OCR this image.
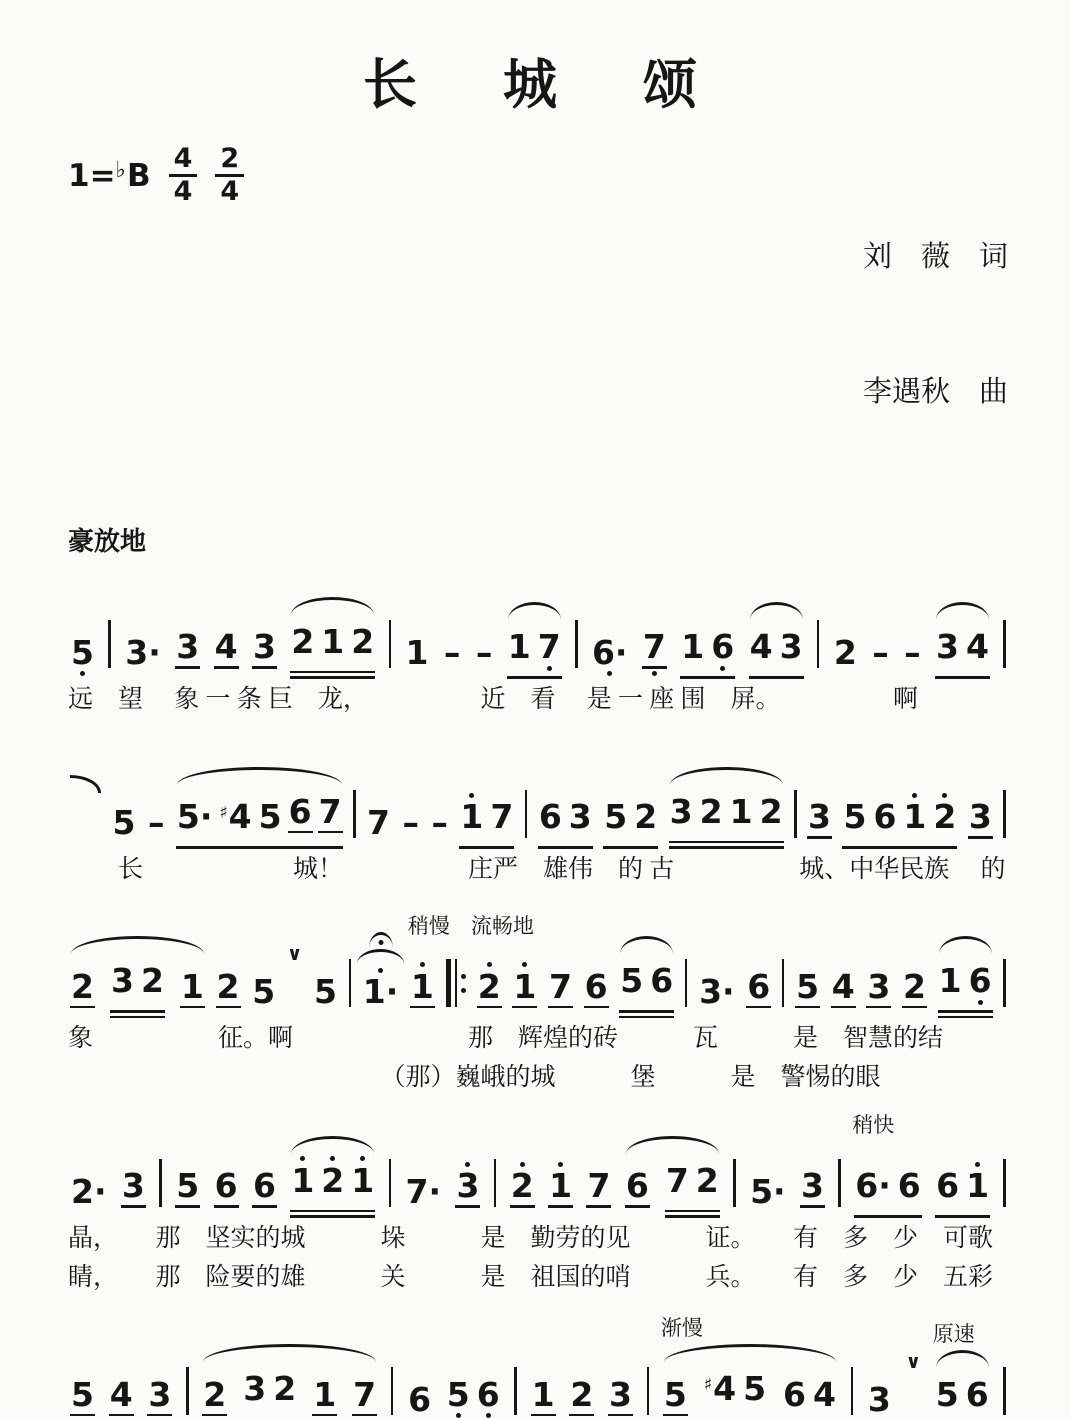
长　城　颂
$1=^♭B \frac{4}{4} \frac{2}{4}$

刘　薇　词

李遇秋　曲

豪放地
5 3· 3 4 3 2 1 2 1 – – 1 7 6· 7 1 6 4 3 2 – – 3 4
远　望　 象 一 条 巨　龙，　　　　　近　看　 是 一 座 围　屏。　　　　　啊
5 – 5· ♯4 5 6 7 7 – – 1 7 6 3 5 2 3 2 1 2 3 5 6 1 2 3
　　长　　　　　　城！　　　　　庄严　雄伟　的 古　　　　　城、中华民族　 的
2 3 2 1 2 5
∨
5 1·
稍慢　流畅地
1 2 1 7 6 5 6 3· 6 5 4 3 2 1 6
象　　　　　征。啊　　　　　　　那　辉煌的砖　　　瓦　　　是　智慧的结
　　　　　　　　　　　　　（那）巍峨的城　　　堡　　　是　警惕的眼
2· 3 5 6 6 1 2 1 7· 3 2 1 7 6 7 2 5· 3
稍快
6· 6 6 1
晶，　　那　坚实的城　　　垛　　　是　勤劳的见　　　证。　　有　多　少　可歌
睛，　　那　险要的雄　　　关　　　是　祖国的哨　　　兵。　　有　多　少　五彩
5 4 3 2 3 2 1 7 6 5 6 1 2 3
渐慢
5 ♯4 5 6 4 3
∨
原速
5 6
